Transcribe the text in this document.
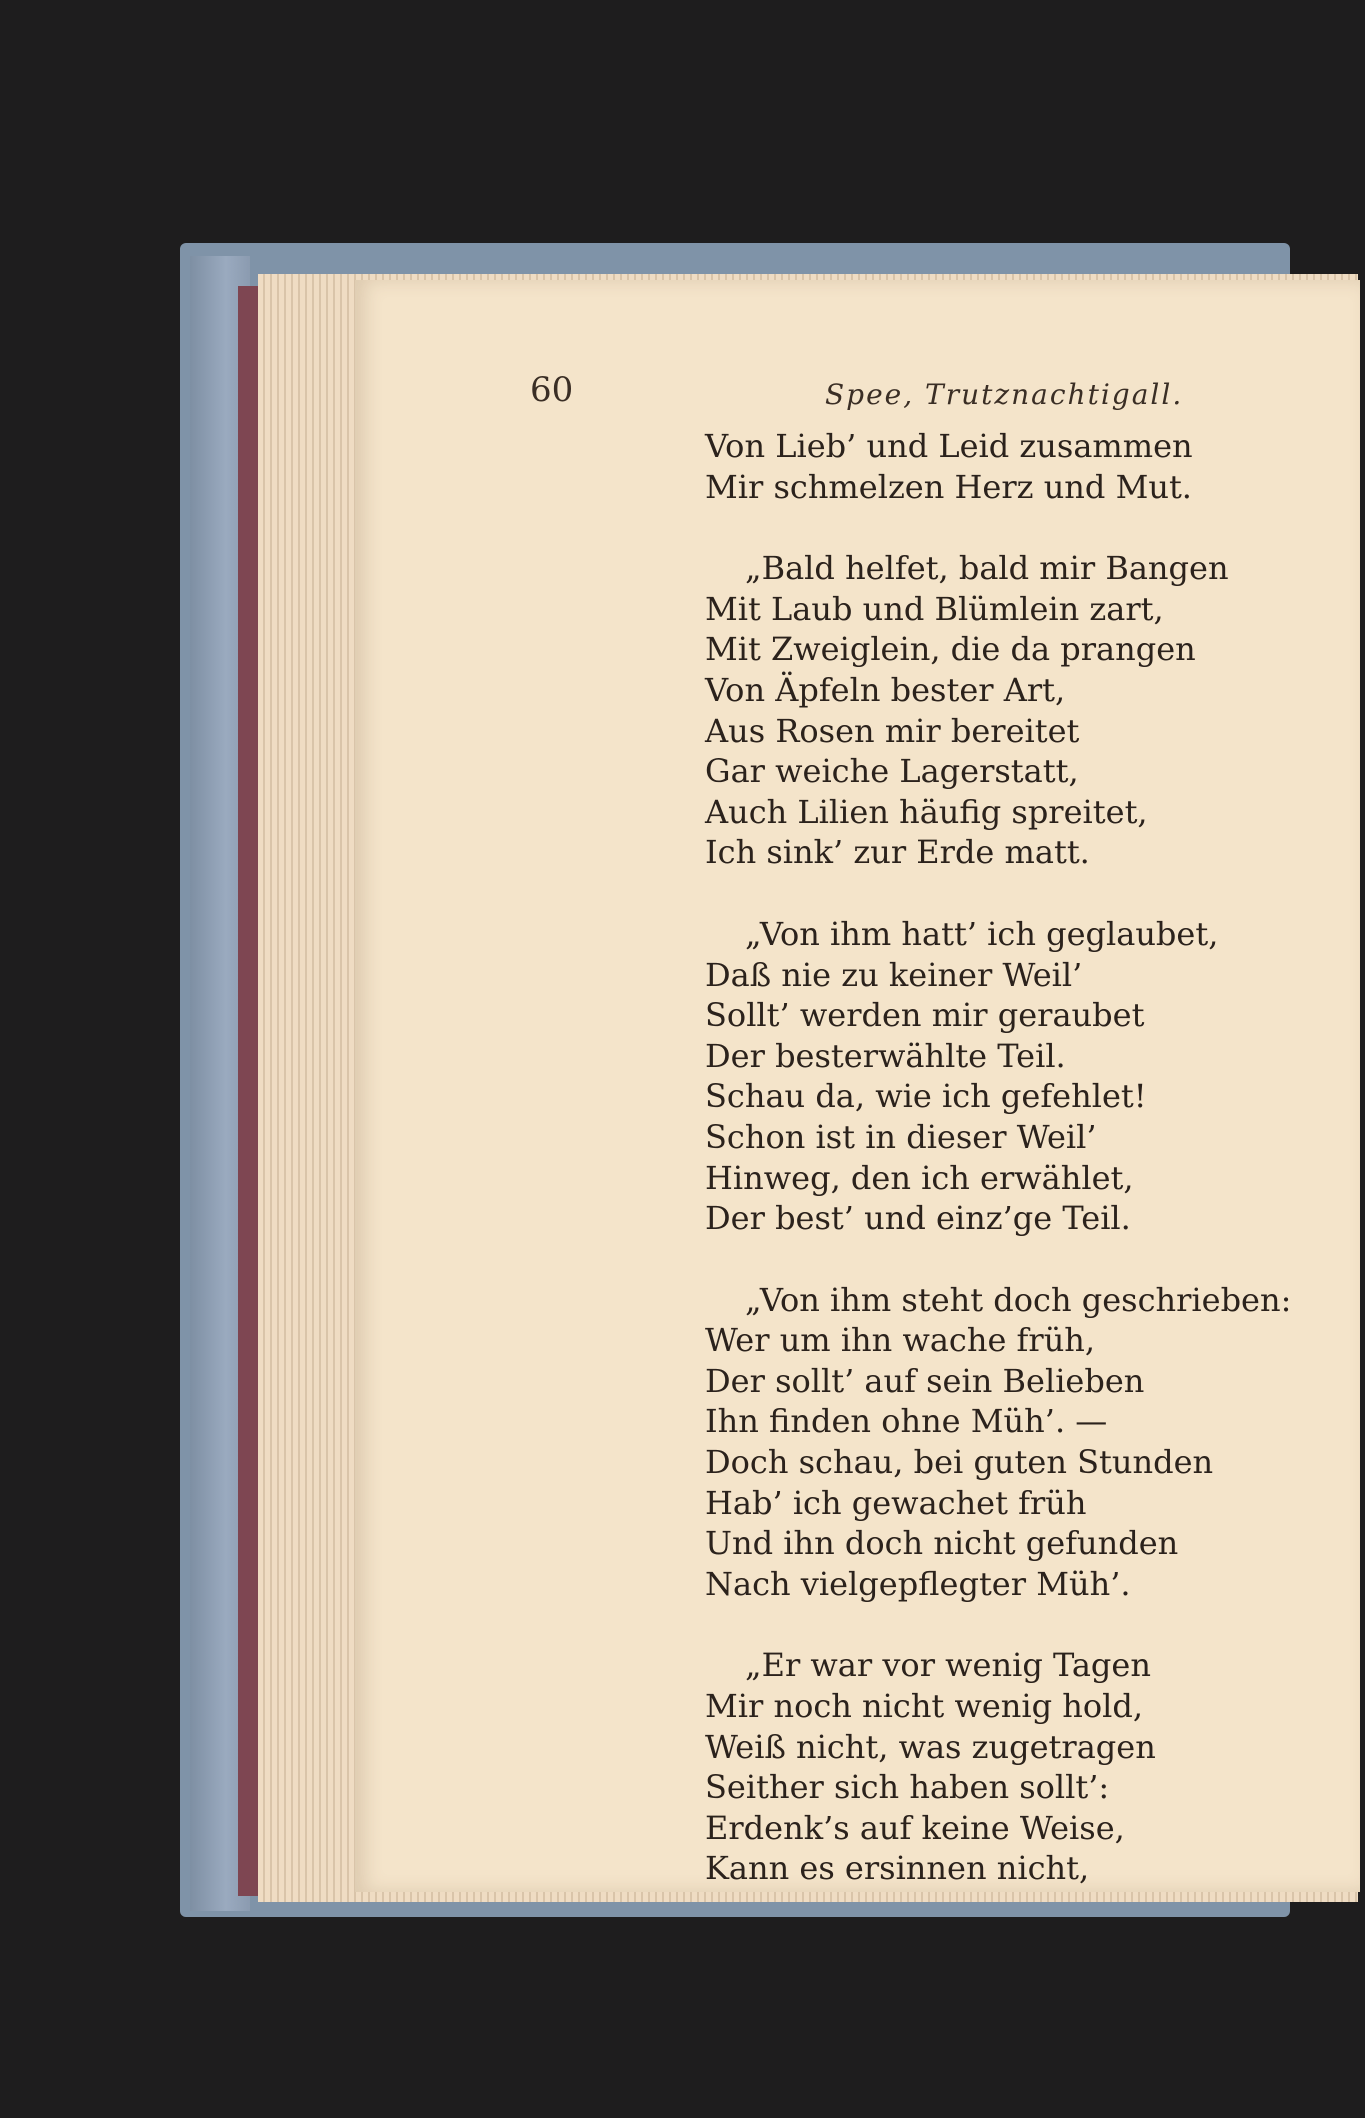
60	Spee, Trutznachtigall.
Von Lieb’ und Leid zusammen
Mir schmelzen Herz und Mut.
„Bald helfet, bald mir Bangen
Mit Laub und Blümlein zart,
Mit Zweiglein, die da prangen
Von Äpfeln bester Art,
Aus Rosen mir bereitet
Gar weiche Lagerstatt,
Auch Lilien häufig spreitet,
Ich sink’ zur Erde matt.
„Von ihm hatt’ ich geglaubet,
Daß nie zu keiner Weil’
Sollt’ werden mir geraubet
Der besterwählte Teil.
Schau da, wie ich gefehlet!
Schon ist in dieser Weil’
Hinweg, den ich erwählet,
Der best’ und einz’ge Teil.
„Von ihm steht doch geschrieben:
Wer um ihn wache früh,
Der sollt’ auf sein Belieben
Ihn finden ohne Müh’. —
Doch schau, bei guten Stunden
Hab’ ich gewachet früh
Und ihn doch nicht gefunden
Nach vielgepflegter Müh’.
„Er war vor wenig Tagen
Mir noch nicht wenig hold,
Weiß nicht, was zugetragen
Seither sich haben sollt’:
Erdenk’s auf keine Weise,
Kann es ersinnen nicht,
